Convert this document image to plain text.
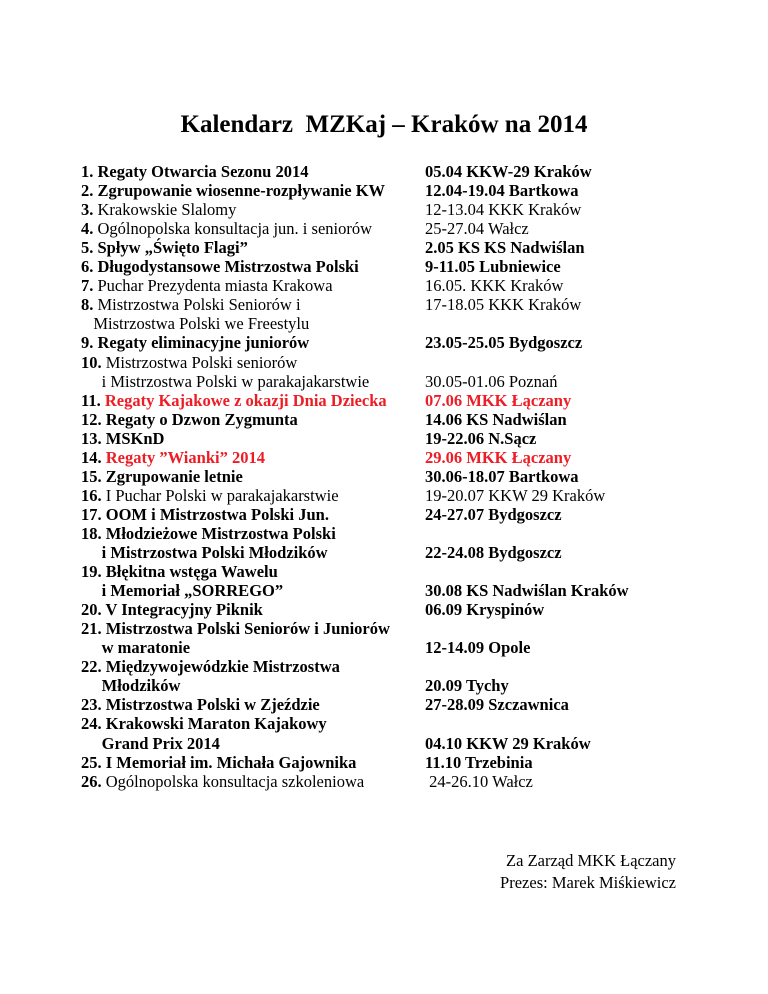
Kalendarz  MZKaj – Kraków na 2014
1. Regaty Otwarcia Sezonu 2014
2. Zgrupowanie wiosenne-rozpływanie KW
3. Krakowskie Slalomy
4. Ogólnopolska konsultacja jun. i seniorów
5. Spływ „Święto Flagi”
6. Długodystansowe Mistrzostwa Polski
7. Puchar Prezydenta miasta Krakowa
8. Mistrzostwa Polski Seniorów i
Mistrzostwa Polski we Freestylu
9. Regaty eliminacyjne juniorów
10. Mistrzostwa Polski seniorów
i Mistrzostwa Polski w parakajakarstwie
11. Regaty Kajakowe z okazji Dnia Dziecka
12. Regaty o Dzwon Zygmunta
13. MSKnD
14. Regaty ”Wianki” 2014
15. Zgrupowanie letnie
16. I Puchar Polski w parakajakarstwie
17. OOM i Mistrzostwa Polski Jun.
18. Młodzieżowe Mistrzostwa Polski
i Mistrzostwa Polski Młodzików
19. Błękitna wstęga Wawelu
i Memoriał „SORREGO”
20. V Integracyjny Piknik
21. Mistrzostwa Polski Seniorów i Juniorów
w maratonie
22. Międzywojewódzkie Mistrzostwa
Młodzików
23. Mistrzostwa Polski w Zjeździe
24. Krakowski Maraton Kajakowy
Grand Prix 2014
25. I Memoriał im. Michała Gajownika
26. Ogólnopolska konsultacja szkoleniowa
05.04 KKW-29 Kraków
12.04-19.04 Bartkowa
12-13.04 KKK Kraków
25-27.04 Wałcz
2.05 KS KS Nadwiślan
9-11.05 Lubniewice
16.05. KKK Kraków
17-18.05 KKK Kraków
23.05-25.05 Bydgoszcz
30.05-01.06 Poznań
07.06 MKK Łączany
14.06 KS Nadwiślan
19-22.06 N.Sącz
29.06 MKK Łączany
30.06-18.07 Bartkowa
19-20.07 KKW 29 Kraków
24-27.07 Bydgoszcz
22-24.08 Bydgoszcz
30.08 KS Nadwiślan Kraków
06.09 Kryspinów
12-14.09 Opole
20.09 Tychy
27-28.09 Szczawnica
04.10 KKW 29 Kraków
11.10 Trzebinia
24-26.10 Wałcz
Za Zarząd MKK Łączany
Prezes: Marek Miśkiewicz
